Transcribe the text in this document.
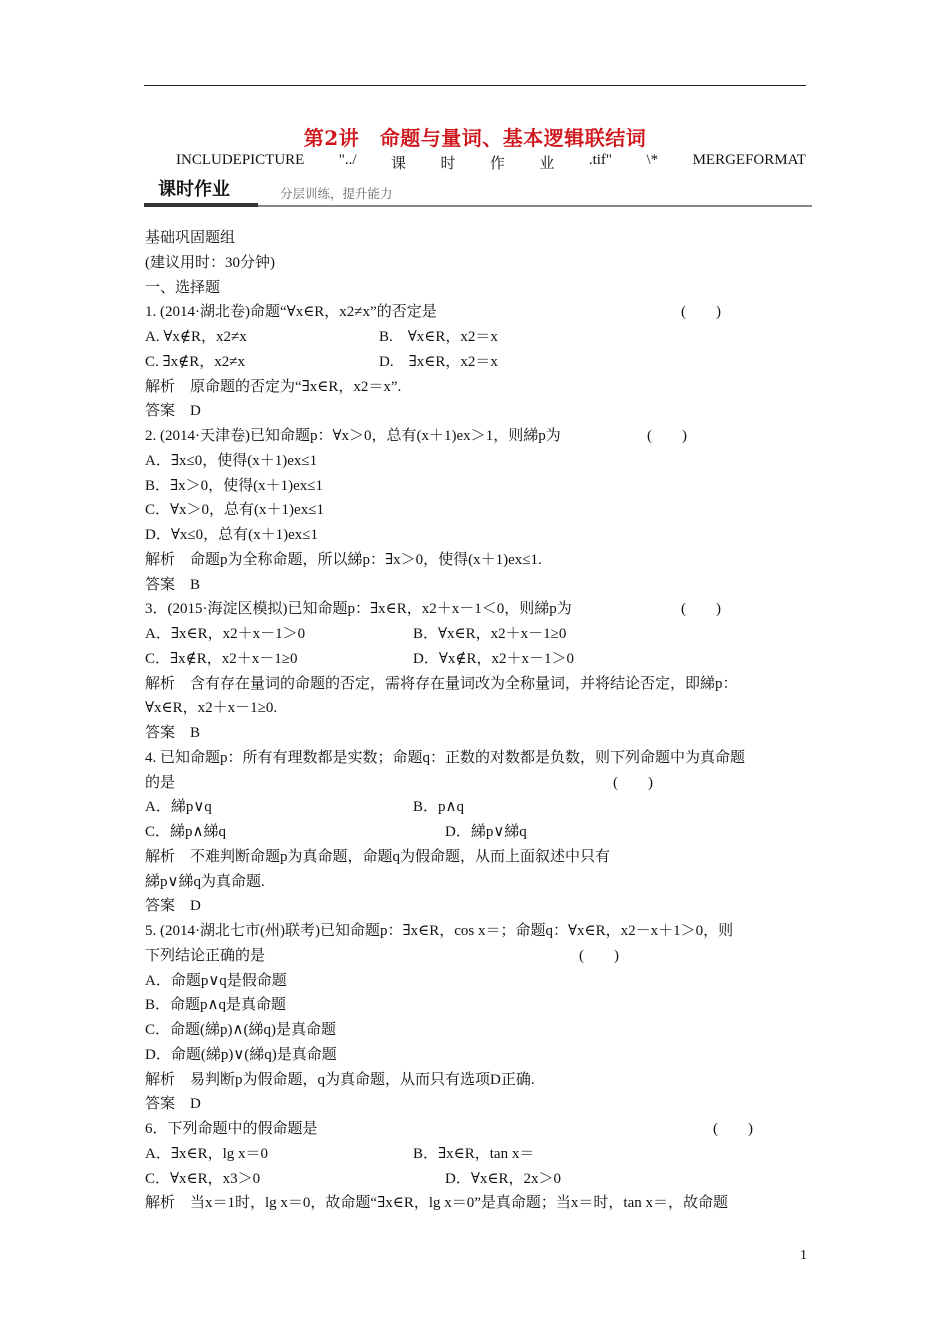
第2讲　命题与量词、基本逻辑联结词
INCLUDEPICTURE "../ 课 时 作 业 .tif" \* MERGEFORMAT
课时作业	分层训练，提升能力
基础巩固题组
(建议用时：30分钟)
一、选择题
1. (2014·湖北卷)命题“∀x∈R，x2≠x”的否定是	(　　)
A. ∀x∉R，x2≠x	B.　∀x∈R，x2＝x
C. ∃x∉R，x2≠x	D.　∃x∈R，x2＝x
解析　原命题的否定为“∃x∈R，x2＝x”.
答案　D
2. (2014·天津卷)已知命题p：∀x＞0，总有(x＋1)ex＞1，则綈p为	(　　)
A．∃x≤0，使得(x＋1)ex≤1
B．∃x＞0，使得(x＋1)ex≤1
C．∀x＞0，总有(x＋1)ex≤1
D．∀x≤0，总有(x＋1)ex≤1
解析　命题p为全称命题，所以綈p：∃x＞0，使得(x＋1)ex≤1.
答案　B
3．(2015·海淀区模拟)已知命题p：∃x∈R，x2＋x－1＜0，则綈p为	(　　)
A．∃x∈R，x2＋x－1＞0	B．∀x∈R，x2＋x－1≥0
C．∃x∉R，x2＋x－1≥0	D．∀x∉R，x2＋x－1＞0
解析　含有存在量词的命题的否定，需将存在量词改为全称量词，并将结论否定，即綈p：
∀x∈R，x2＋x－1≥0.
答案　B
4. 已知命题p：所有有理数都是实数；命题q：正数的对数都是负数，则下列命题中为真命题
的是	(　　)
A．綈p∨q	B．p∧q
C．綈p∧綈q	D．綈p∨綈q
解析　不难判断命题p为真命题，命题q为假命题，从而上面叙述中只有
綈p∨綈q为真命题.
答案　D
5. (2014·湖北七市(州)联考)已知命题p：∃x∈R，cos x＝；命题q：∀x∈R，x2－x＋1＞0，则
下列结论正确的是	(　　)
A．命题p∨q是假命题
B．命题p∧q是真命题
C．命题(綈p)∧(綈q)是真命题
D．命题(綈p)∨(綈q)是真命题
解析　易判断p为假命题，q为真命题，从而只有选项D正确.
答案　D
6．下列命题中的假命题是	(　　)
A．∃x∈R，lg x＝0	B．∃x∈R，tan x＝
C．∀x∈R，x3＞0	D．∀x∈R，2x＞0
解析　当x＝1时，lg x＝0，故命题“∃x∈R，lg x＝0”是真命题；当x＝时，tan x＝，故命题
1
